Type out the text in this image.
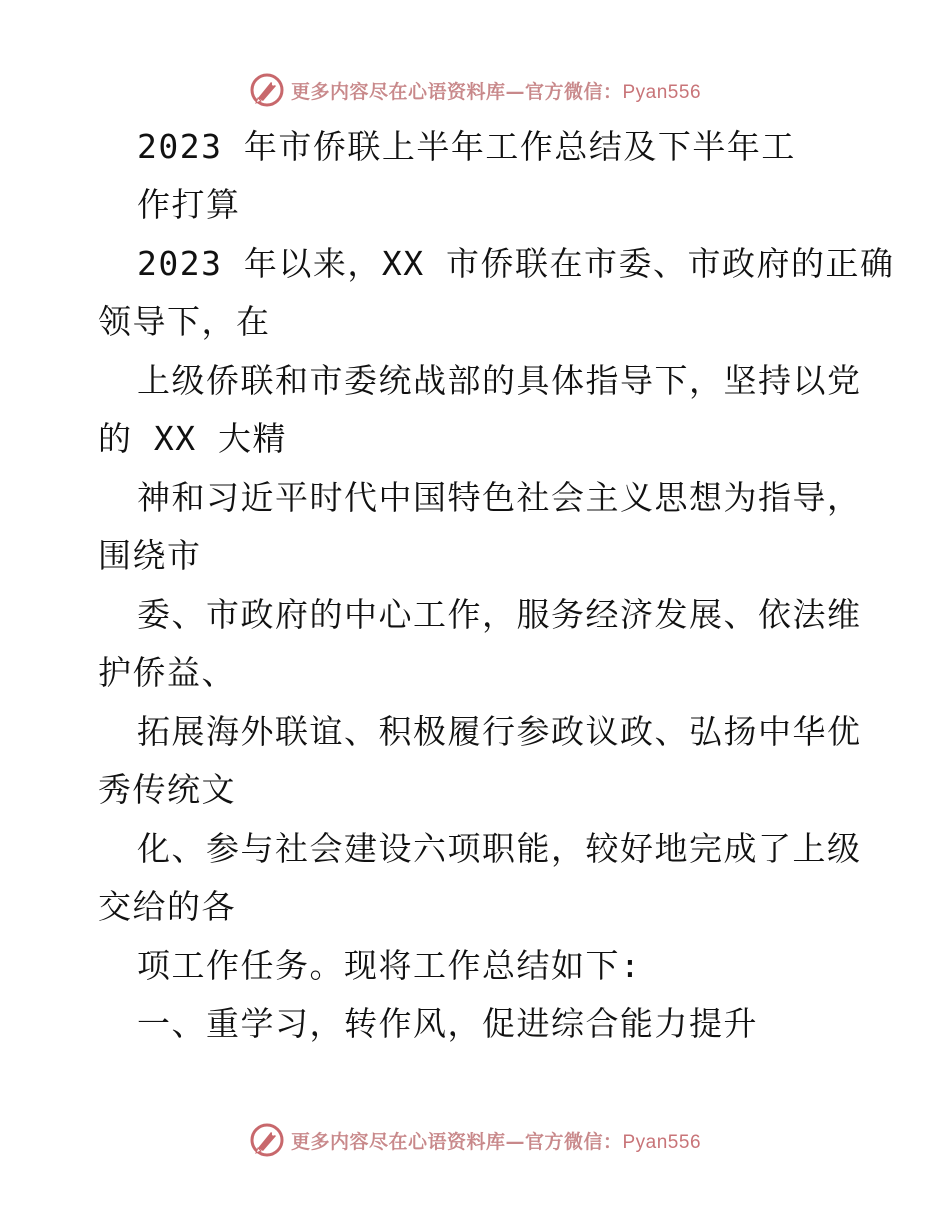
更多内容尽在心语资料库—官方微信：Pyan556
2023 年市侨联上半年工作总结及下半年工
作打算
2023 年以来，XX 市侨联在市委、市政府的正确
领导下，在
上级侨联和市委统战部的具体指导下，坚持以党
的 XX 大精
神和习近平时代中国特色社会主义思想为指导，
围绕市
委、市政府的中心工作，服务经济发展、依法维
护侨益、
拓展海外联谊、积极履行参政议政、弘扬中华优
秀传统文
化、参与社会建设六项职能，较好地完成了上级
交给的各
项工作任务。现将工作总结如下:
一、重学习，转作风，促进综合能力提升
更多内容尽在心语资料库—官方微信：Pyan556
